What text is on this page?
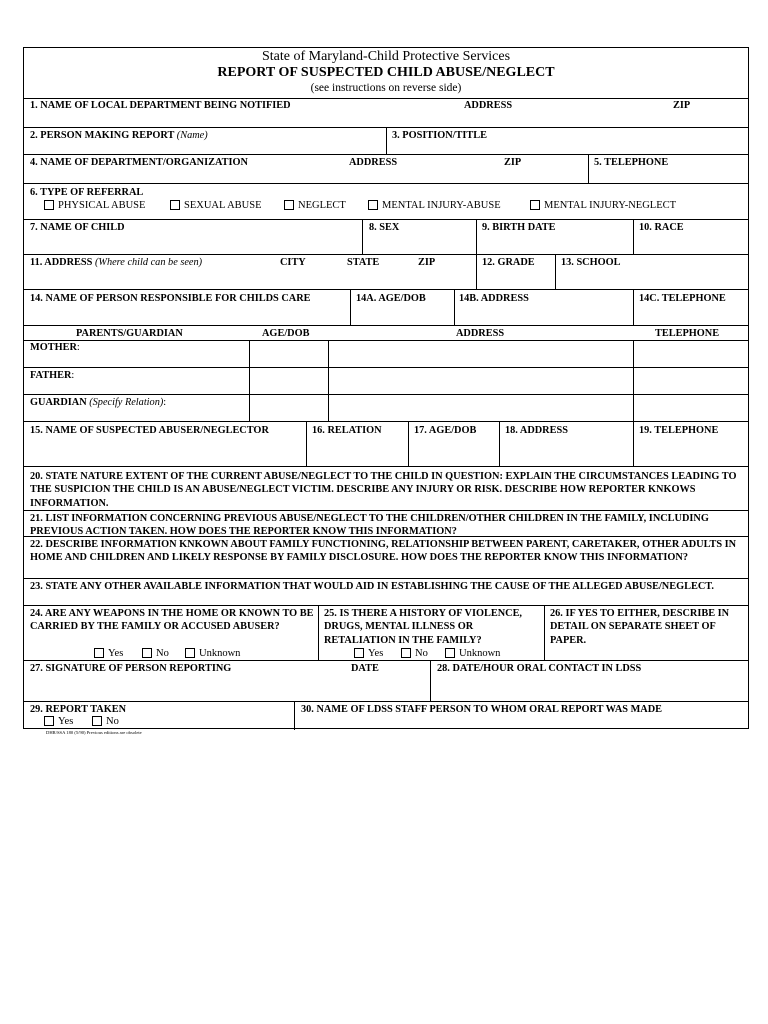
State of Maryland-Child Protective Services
REPORT OF SUSPECTED CHILD ABUSE/NEGLECT
(see instructions on reverse side)
1. NAME OF LOCAL DEPARTMENT BEING NOTIFIED	ADDRESS	ZIP
2. PERSON MAKING REPORT (Name)	3. POSITION/TITLE
4. NAME OF DEPARTMENT/ORGANIZATION	ADDRESS	ZIP	5. TELEPHONE
6. TYPE OF REFERRAL
PHYSICAL ABUSE	SEXUAL ABUSE	NEGLECT	MENTAL INJURY-ABUSE	MENTAL INJURY-NEGLECT
7. NAME OF CHILD	8. SEX	9. BIRTH DATE	10. RACE
11. ADDRESS (Where child can be seen)	CITY	STATE	ZIP	12. GRADE	13. SCHOOL
14. NAME OF PERSON RESPONSIBLE FOR CHILDS CARE	14A. AGE/DOB	14B. ADDRESS	14C. TELEPHONE
PARENTS/GUARDIAN	AGE/DOB	ADDRESS	TELEPHONE
MOTHER:
FATHER:
GUARDIAN (Specify Relation):
15. NAME OF SUSPECTED ABUSER/NEGLECTOR	16. RELATION	17. AGE/DOB	18. ADDRESS	19. TELEPHONE
20. STATE NATURE EXTENT OF THE CURRENT ABUSE/NEGLECT TO THE CHILD IN QUESTION: EXPLAIN THE CIRCUMSTANCES LEADING TO THE SUSPICION THE CHILD IS AN ABUSE/NEGLECT VICTIM. DESCRIBE ANY INJURY OR RISK. DESCRIBE HOW REPORTER KNKOWS INFORMATION.
21. LIST INFORMATION CONCERNING PREVIOUS ABUSE/NEGLECT TO THE CHILDREN/OTHER CHILDREN IN THE FAMILY, INCLUDING PREVIOUS ACTION TAKEN. HOW DOES THE REPORTER KNOW THIS INFORMATION?
22. DESCRIBE INFORMATION KNKOWN ABOUT FAMILY FUNCTIONING, RELATIONSHIP BETWEEN PARENT, CARETAKER, OTHER ADULTS IN HOME AND CHILDREN AND LIKELY RESPONSE BY FAMILY DISCLOSURE. HOW DOES THE REPORTER KNOW THIS INFORMATION?
23. STATE ANY OTHER AVAILABLE INFORMATION THAT WOULD AID IN ESTABLISHING THE CAUSE OF THE ALLEGED ABUSE/NEGLECT.
24. ARE ANY WEAPONS IN THE HOME OR KNOWN TO BE CARRIED BY THE FAMILY OR ACCUSED ABUSER?
25. IS THERE A HISTORY OF VIOLENCE, DRUGS, MENTAL ILLNESS OR RETALIATION IN THE FAMILY?
26. IF YES TO EITHER, DESCRIBE IN DETAIL ON SEPARATE SHEET OF PAPER.
Yes	No	Unknown	Yes	No	Unknown
27. SIGNATURE OF PERSON REPORTING	DATE	28. DATE/HOUR ORAL CONTACT IN LDSS
29. REPORT TAKEN
Yes	No
30. NAME OF LDSS STAFF PERSON TO WHOM ORAL REPORT WAS MADE
DHR/SSA 180 (5/90) Previous editions are obsolete
